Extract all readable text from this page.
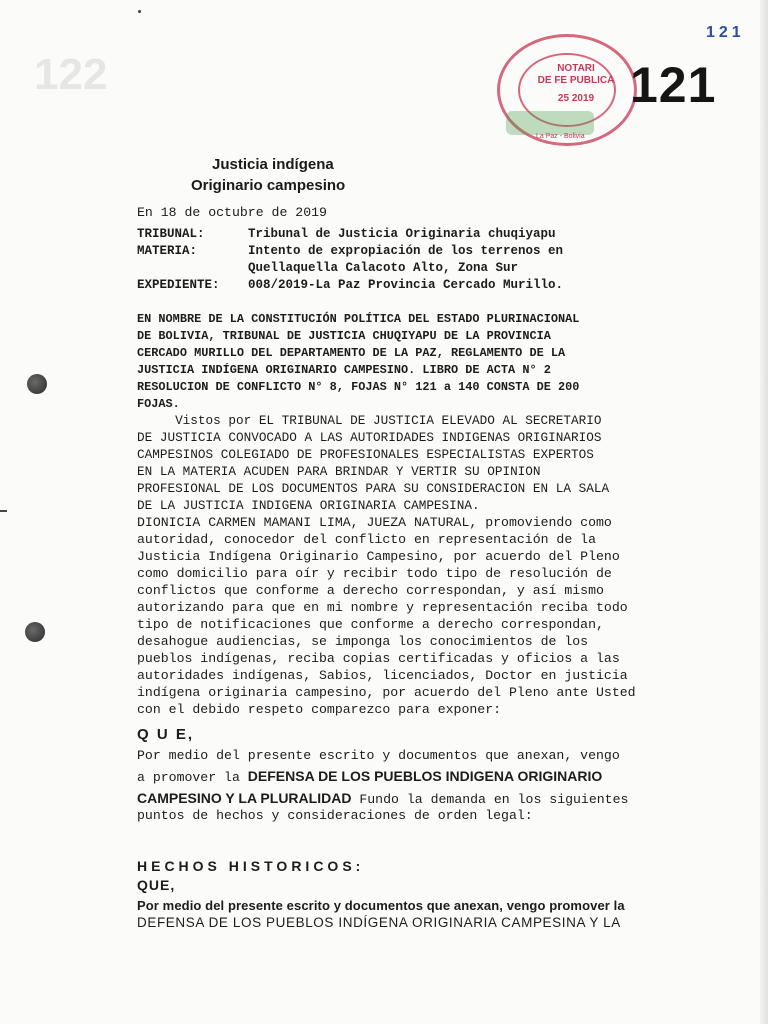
122
121
NOTARI
DE FE PUBLICA
25 2019
La Paz - Bolivia
121
Justicia indígena
Originario campesino
En 18 de octubre de 2019
TRIBUNAL:	Tribunal de Justicia Originaria chuqiyapu
MATERIA:	Intento de expropiación de los terrenos en
Quellaquella Calacoto Alto, Zona Sur
EXPEDIENTE: 008/2019-La Paz Provincia Cercado Murillo.
EN NOMBRE DE LA CONSTITUCIÓN POLÍTICA DEL ESTADO PLURINACIONAL
DE BOLIVIA, TRIBUNAL DE JUSTICIA CHUQIYAPU DE LA PROVINCIA
CERCADO MURILLO DEL DEPARTAMENTO DE LA PAZ, REGLAMENTO DE LA
JUSTICIA INDÍGENA ORIGINARIO CAMPESINO. LIBRO DE ACTA N° 2
RESOLUCION DE CONFLICTO N° 8, FOJAS N° 121 a 140 CONSTA DE 200
FOJAS.
Vistos por EL TRIBUNAL DE JUSTICIA ELEVADO AL SECRETARIO
DE JUSTICIA CONVOCADO A LAS AUTORIDADES INDIGENAS ORIGINARIOS
CAMPESINOS COLEGIADO DE PROFESIONALES ESPECIALISTAS EXPERTOS
EN LA MATERIA ACUDEN PARA BRINDAR Y VERTIR SU OPINION
PROFESIONAL DE LOS DOCUMENTOS PARA SU CONSIDERACION EN LA SALA
DE LA JUSTICIA INDIGENA ORIGINARIA CAMPESINA.
DIONICIA CARMEN MAMANI LIMA, JUEZA NATURAL, promoviendo como
autoridad, conocedor del conflicto en representación de la
Justicia Indígena Originario Campesino, por acuerdo del Pleno
como domicilio para oír y recibir todo tipo de resolución de
conflictos que conforme a derecho correspondan, y así mismo
autorizando para que en mi nombre y representación reciba todo
tipo de notificaciones que conforme a derecho correspondan,
desahogue audiencias, se imponga los conocimientos de los
pueblos indígenas, reciba copias certificadas y oficios a las
autoridades indígenas, Sabios, licenciados, Doctor en justicia
indígena originaria campesino, por acuerdo del Pleno ante Usted
con el debido respeto comparezco para exponer:
Q U E,
Por medio del presente escrito y documentos que anexan, vengo
a promover la DEFENSA DE LOS PUEBLOS INDIGENA ORIGINARIO
CAMPESINO Y LA PLURALIDAD Fundo la demanda en los siguientes
puntos de hechos y consideraciones de orden legal:
HECHOS HISTORICOS:
QUE,
Por medio del presente escrito y documentos que anexan, vengo promover la
DEFENSA DE LOS PUEBLOS INDÍGENA ORIGINARIA CAMPESINA Y LA
